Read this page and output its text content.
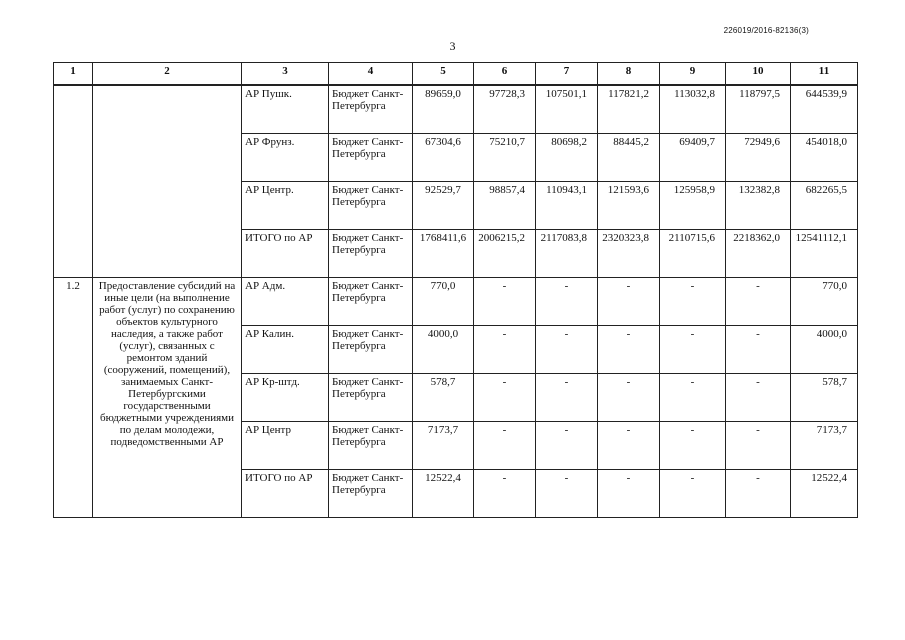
226019/2016-82136(3)
3
1	2	3	4	5	6	7	8	9	10	11
		АР Пушк.	Бюджет Санкт-Петербурга	89659,0	97728,3	107501,1	117821,2	113032,8	118797,5	644539,9
		АР Фрунз.	Бюджет Санкт-Петербурга	67304,6	75210,7	80698,2	88445,2	69409,7	72949,6	454018,0
		АР Центр.	Бюджет Санкт-Петербурга	92529,7	98857,4	110943,1	121593,6	125958,9	132382,8	682265,5
		ИТОГО по АР	Бюджет Санкт-Петербурга	1768411,6	2006215,2	2117083,8	2320323,8	2110715,6	2218362,0	12541112,1
1.2	Предоставление субсидий на иные цели (на выполнение работ (услуг) по сохранению объектов культурного наследия, а также работ (услуг), связанных с ремонтом зданий (сооружений, помещений), занимаемых Санкт-Петербургскими государственными бюджетными учреждениями по делам молодежи, подведомственными АР	АР Адм.	Бюджет Санкт-Петербурга	770,0	-	-	-	-	-	770,0
		АР Калин.	Бюджет Санкт-Петербурга	4000,0	-	-	-	-	-	4000,0
		АР Кр-штд.	Бюджет Санкт-Петербурга	578,7	-	-	-	-	-	578,7
		АР Центр	Бюджет Санкт-Петербурга	7173,7	-	-	-	-	-	7173,7
		ИТОГО по АР	Бюджет Санкт-Петербурга	12522,4	-	-	-	-	-	12522,4
